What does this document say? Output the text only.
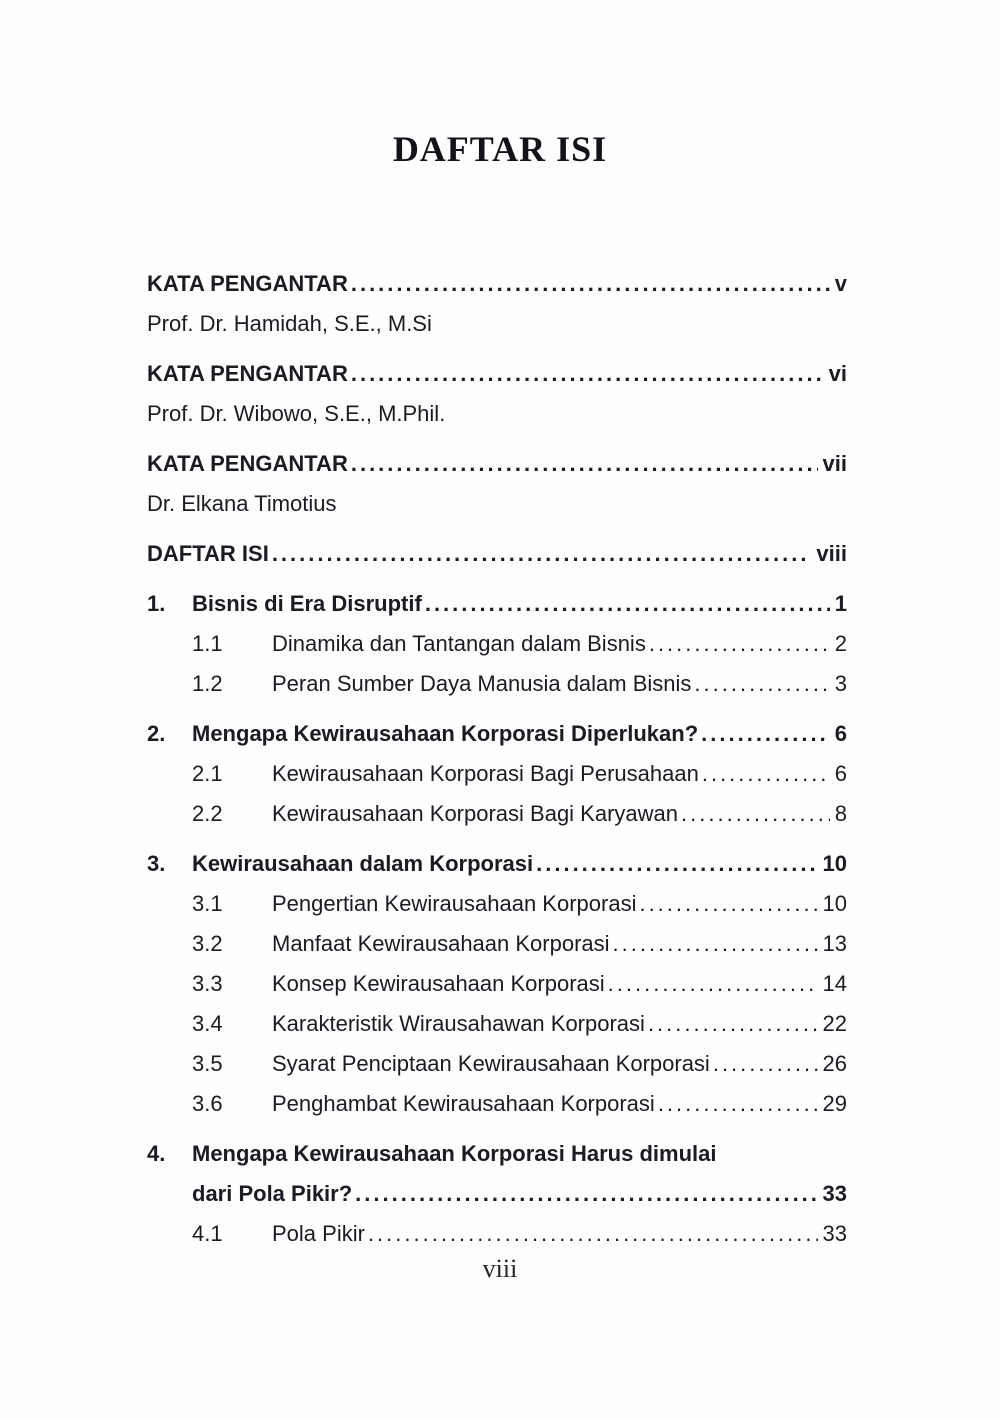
DAFTAR ISI
KATA PENGANTAR .....	v
Prof. Dr. Hamidah, S.E., M.Si
KATA PENGANTAR .....	vi
Prof. Dr. Wibowo, S.E., M.Phil.
KATA PENGANTAR .....	vii
Dr. Elkana Timotius
DAFTAR ISI .....	viii
1.	Bisnis di Era Disruptif .....	1
1.1	Dinamika dan Tantangan dalam Bisnis .....	2
1.2	Peran Sumber Daya Manusia dalam Bisnis .....	3
2.	Mengapa Kewirausahaan Korporasi Diperlukan? .....	6
2.1	Kewirausahaan Korporasi Bagi Perusahaan .....	6
2.2	Kewirausahaan Korporasi Bagi Karyawan .....	8
3.	Kewirausahaan dalam Korporasi .....	10
3.1	Pengertian Kewirausahaan Korporasi .....	10
3.2	Manfaat Kewirausahaan Korporasi .....	13
3.3	Konsep Kewirausahaan Korporasi .....	14
3.4	Karakteristik Wirausahawan Korporasi .....	22
3.5	Syarat Penciptaan Kewirausahaan Korporasi .....	26
3.6	Penghambat Kewirausahaan Korporasi .....	29
4.	Mengapa Kewirausahaan Korporasi Harus dimulai
dari Pola Pikir? .....	33
4.1	Pola Pikir .....	33
viii
